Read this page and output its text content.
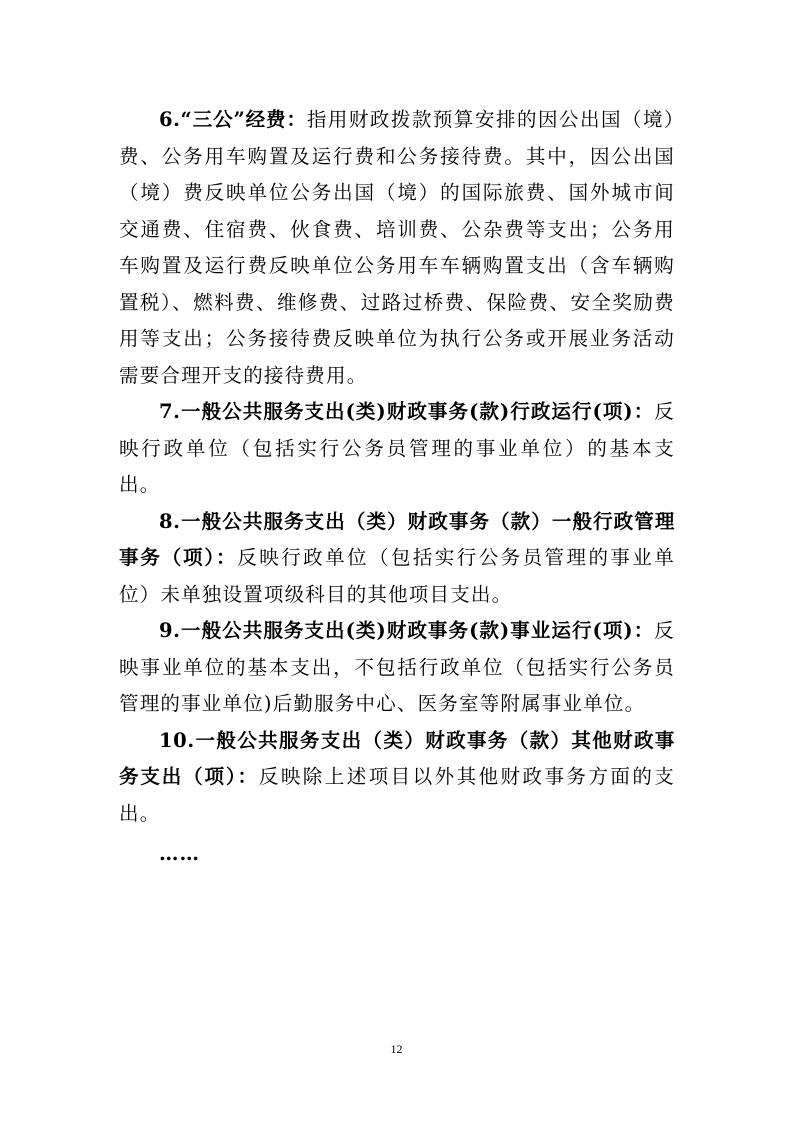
6.“三公”经费：指用财政拨款预算安排的因公出国（境）费、公务用车购置及运行费和公务接待费。其中，因公出国（境）费反映单位公务出国（境）的国际旅费、国外城市间交通费、住宿费、伙食费、培训费、公杂费等支出；公务用车购置及运行费反映单位公务用车车辆购置支出（含车辆购置税）、燃料费、维修费、过路过桥费、保险费、安全奖励费用等支出；公务接待费反映单位为执行公务或开展业务活动需要合理开支的接待费用。

7.一般公共服务支出(类)财政事务(款)行政运行(项)：反映行政单位（包括实行公务员管理的事业单位）的基本支出。

8.一般公共服务支出（类）财政事务（款）一般行政管理事务（项）：反映行政单位（包括实行公务员管理的事业单位）未单独设置项级科目的其他项目支出。

9.一般公共服务支出(类)财政事务(款)事业运行(项)：反映事业单位的基本支出，不包括行政单位（包括实行公务员管理的事业单位)后勤服务中心、医务室等附属事业单位。

10.一般公共服务支出（类）财政事务（款）其他财政事务支出（项）：反映除上述项目以外其他财政事务方面的支出。

……

12
